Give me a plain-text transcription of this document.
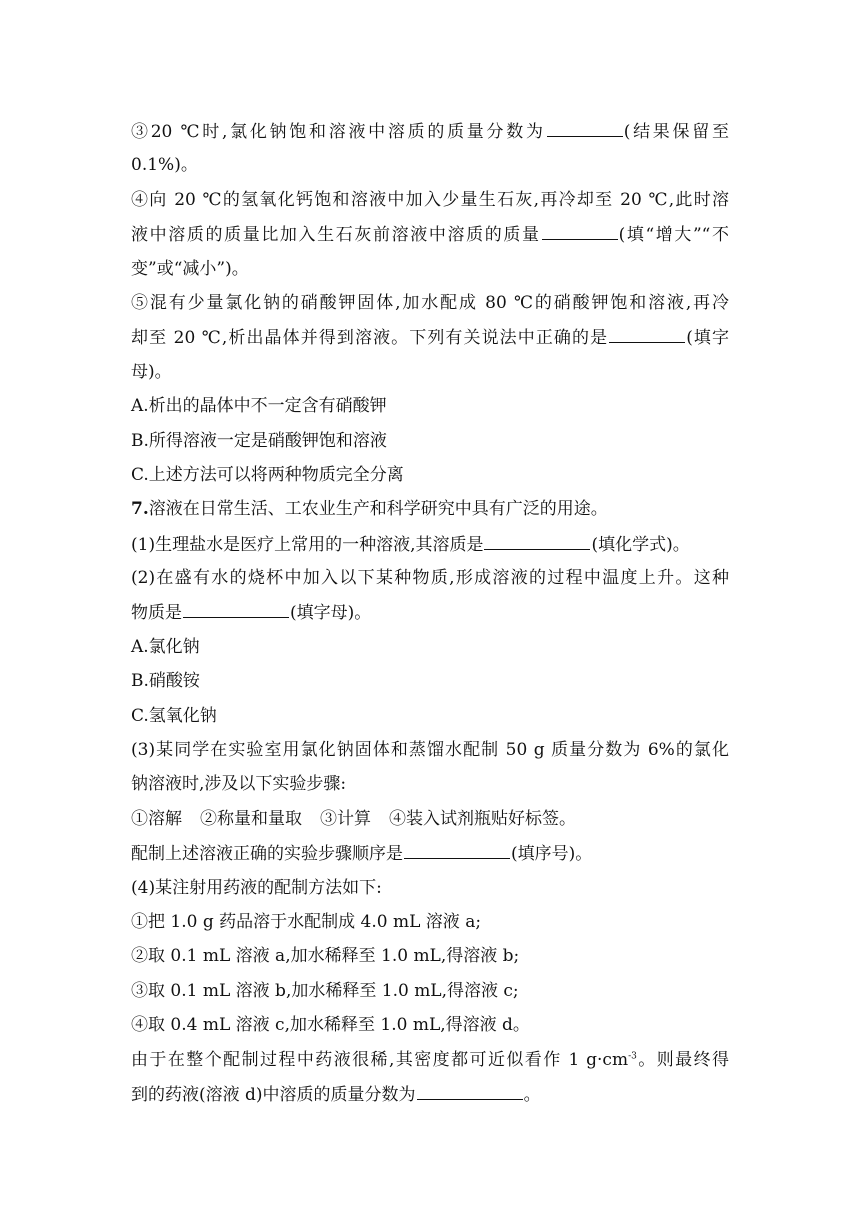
③20 ℃时,氯化钠饱和溶液中溶质的质量分数为	(结果保留至
0.1%)。
④向 20 ℃的氢氧化钙饱和溶液中加入少量生石灰,再冷却至 20 ℃,此时溶
液中溶质的质量比加入生石灰前溶液中溶质的质量	(填“增大”“不
变”或“减小”)。
⑤混有少量氯化钠的硝酸钾固体,加水配成 80 ℃的硝酸钾饱和溶液,再冷
却至 20 ℃,析出晶体并得到溶液。下列有关说法中正确的是	(填字
母)。
A.析出的晶体中不一定含有硝酸钾
B.所得溶液一定是硝酸钾饱和溶液
C.上述方法可以将两种物质完全分离
7.溶液在日常生活、工农业生产和科学研究中具有广泛的用途。
(1)生理盐水是医疗上常用的一种溶液,其溶质是	(填化学式)。
(2)在盛有水的烧杯中加入以下某种物质,形成溶液的过程中温度上升。这种
物质是	(填字母)。
A.氯化钠
B.硝酸铵
C.氢氧化钠
(3)某同学在实验室用氯化钠固体和蒸馏水配制 50 g 质量分数为 6%的氯化
钠溶液时,涉及以下实验步骤:
①溶解 ②称量和量取 ③计算 ④装入试剂瓶贴好标签。
配制上述溶液正确的实验步骤顺序是	(填序号)。
(4)某注射用药液的配制方法如下:
①把 1.0 g 药品溶于水配制成 4.0 mL 溶液 a;
②取 0.1 mL 溶液 a,加水稀释至 1.0 mL,得溶液 b;
③取 0.1 mL 溶液 b,加水稀释至 1.0 mL,得溶液 c;
④取 0.4 mL 溶液 c,加水稀释至 1.0 mL,得溶液 d。
由于在整个配制过程中药液很稀,其密度都可近似看作 1 $g\cdot cm^{-3}$。则最终得
到的药液(溶液 d)中溶质的质量分数为	。
